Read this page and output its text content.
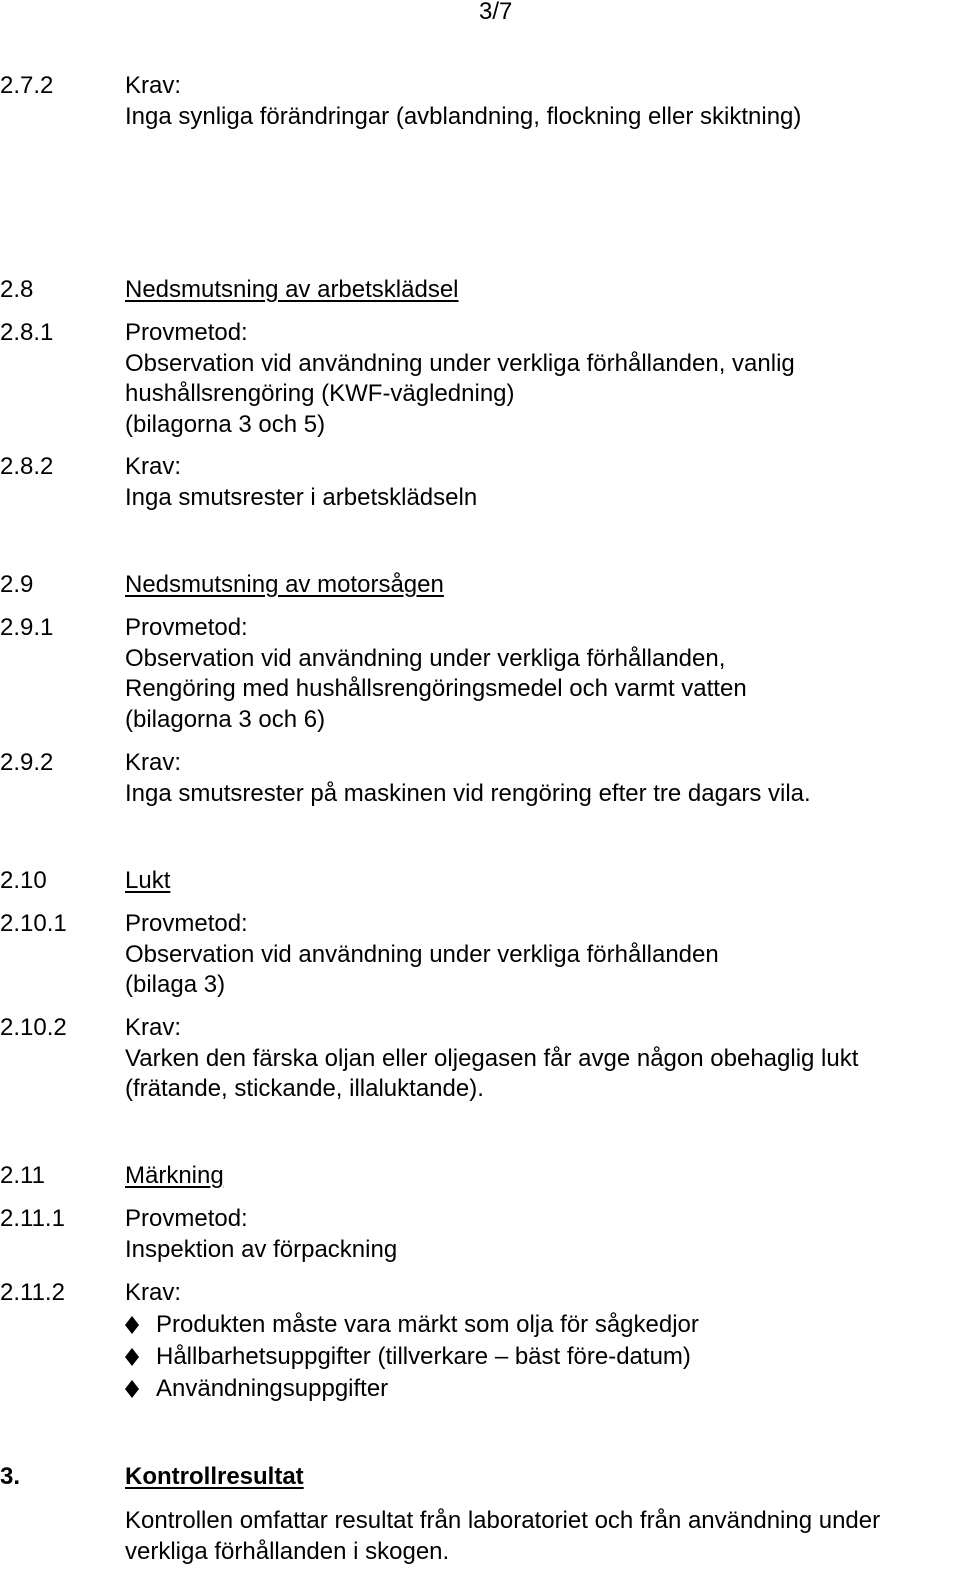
3/7
2.7.2	Krav:
Inga synliga förändringar (avblandning, flockning eller skiktning)
2.8	Nedsmutsning av arbetsklädsel
2.8.1	Provmetod:
Observation vid användning under verkliga förhållanden, vanlig
hushållsrengöring (KWF-vägledning)
(bilagorna 3 och 5)
2.8.2	Krav:
Inga smutsrester i arbetsklädseln
2.9	Nedsmutsning av motorsågen
2.9.1	Provmetod:
Observation vid användning under verkliga förhållanden,
Rengöring med hushållsrengöringsmedel och varmt vatten
(bilagorna 3 och 6)
2.9.2	Krav:
Inga smutsrester på maskinen vid rengöring efter tre dagars vila.
2.10	Lukt
2.10.1	Provmetod:
Observation vid användning under verkliga förhållanden
(bilaga 3)
2.10.2	Krav:
Varken den färska oljan eller oljegasen får avge någon obehaglig lukt
(frätande, stickande, illaluktande).
2.11	Märkning
2.11.1	Provmetod:
Inspektion av förpackning
2.11.2	Krav:
Produkten måste vara märkt som olja för sågkedjor
Hållbarhetsuppgifter (tillverkare – bäst före-datum)
Användningsuppgifter
3.	Kontrollresultat
Kontrollen omfattar resultat från laboratoriet och från användning under
verkliga förhållanden i skogen.
